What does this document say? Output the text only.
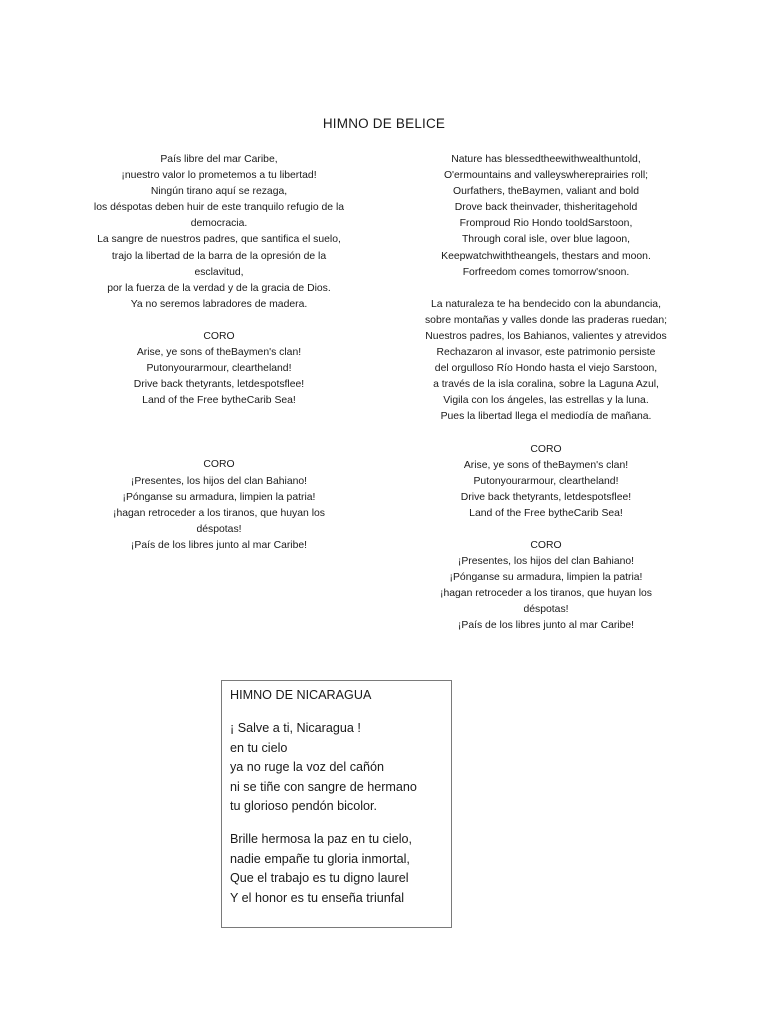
HIMNO DE BELICE
País libre del mar Caribe,
¡nuestro valor lo prometemos a tu libertad!
Ningún tirano aquí se rezaga,
los déspotas deben huir de este tranquilo refugio de la
democracia.
La sangre de nuestros padres, que santifica el suelo,
trajo la libertad de la barra de la opresión de la
esclavitud,
por la fuerza de la verdad y de la gracia de Dios.
Ya no seremos labradores de madera.
CORO
Arise, ye sons of theBaymen's clan!
Putonyourarmour, cleartheland!
Drive back thetyrants, letdespotsflee!
Land of the Free bytheCarib Sea!
CORO
¡Presentes, los hijos del clan Bahiano!
¡Pónganse su armadura, limpien la patria!
¡hagan retroceder a los tiranos, que huyan los
déspotas!
¡País de los libres junto al mar Caribe!
Nature has blessedtheewithwealthuntold,
O'ermountains and valleyswhereprairies roll;
Ourfathers, theBaymen, valiant and bold
Drove back theinvader, thisheritagehold
Fromproud Rio Hondo tooldSarstoon,
Through coral isle, over blue lagoon,
Keepwatchwiththeangels, thestars and moon.
Forfreedom comes tomorrow'snoon.
La naturaleza te ha bendecido con la abundancia,
sobre montañas y valles donde las praderas ruedan;
Nuestros padres, los Bahianos, valientes y atrevidos
Rechazaron al invasor, este patrimonio persiste
del orgulloso Río Hondo hasta el viejo Sarstoon,
a través de la isla coralina, sobre la Laguna Azul,
Vigila con los ángeles, las estrellas y la luna.
Pues la libertad llega el mediodía de mañana.
CORO
Arise, ye sons of theBaymen's clan!
Putonyourarmour, cleartheland!
Drive back thetyrants, letdespotsflee!
Land of the Free bytheCarib Sea!
CORO
¡Presentes, los hijos del clan Bahiano!
¡Pónganse su armadura, limpien la patria!
¡hagan retroceder a los tiranos, que huyan los
déspotas!
¡País de los libres junto al mar Caribe!
HIMNO DE NICARAGUA
¡ Salve a ti, Nicaragua !
en tu cielo
ya no ruge la voz del cañón
ni se tiñe con sangre de hermano
tu glorioso pendón bicolor.
Brille hermosa la paz en tu cielo,
nadie empañe tu gloria inmortal,
Que el trabajo es tu digno laurel
Y el honor es tu enseña triunfal
